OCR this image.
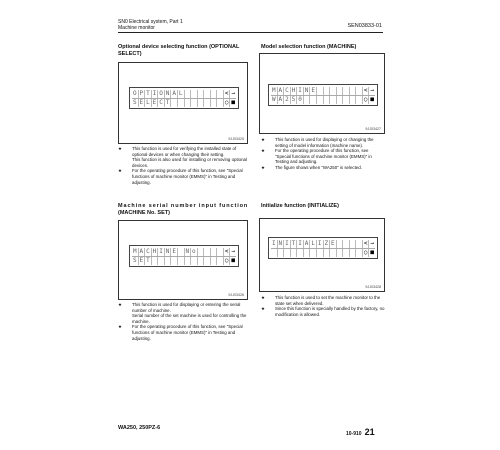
SN0 Electrical system, Part 1
Machine monitor	SEN03833-01
Optional device selecting function (OPTIONAL
SELECT)
O P T I O N A L	< →
S E L E C T	○ ■
9JJ03425
★ This function is used for verifying the installed state of optional devices or when changing their setting.
This function is also used for installing or removing optional devices.
★ For the operating procedure of this function, see "Special functions of machine monitor (EMMS)" in Testing and adjusting.
Model selection function (MACHINE)
M A C H I N E	< →
W A 2 5 0	○ ■
9JJ03427
★ This function is used for displaying or changing the setting of model information (machine name).
★ For the operating procedure of this function, see "Special functions of machine monitor (EMMS)" in Testing and adjusting.
★ The figure shows when "WA250" is selected.
Machine serial number input function
(MACHINE No. SET)
M A C H I N E	N o	< →
S E T	○ ■
9JJ03426
★ This function is used for displaying or entering the serial number of machine.
Serial number of the set machine is used for controlling the machine.
★ For the operating procedure of this function, see "Special functions of machine monitor (EMMS)" in Testing and adjusting.
Initialize function (INITIALIZE)
I N I T I A L I Z E	< →
○ ■
9JJ03428
★ This function is used to set the machine monitor to the state set when delivered.
★ Since this function is specially handled by the factory, no modification is allowed.
WA250, 250PZ-6
10-910 21
